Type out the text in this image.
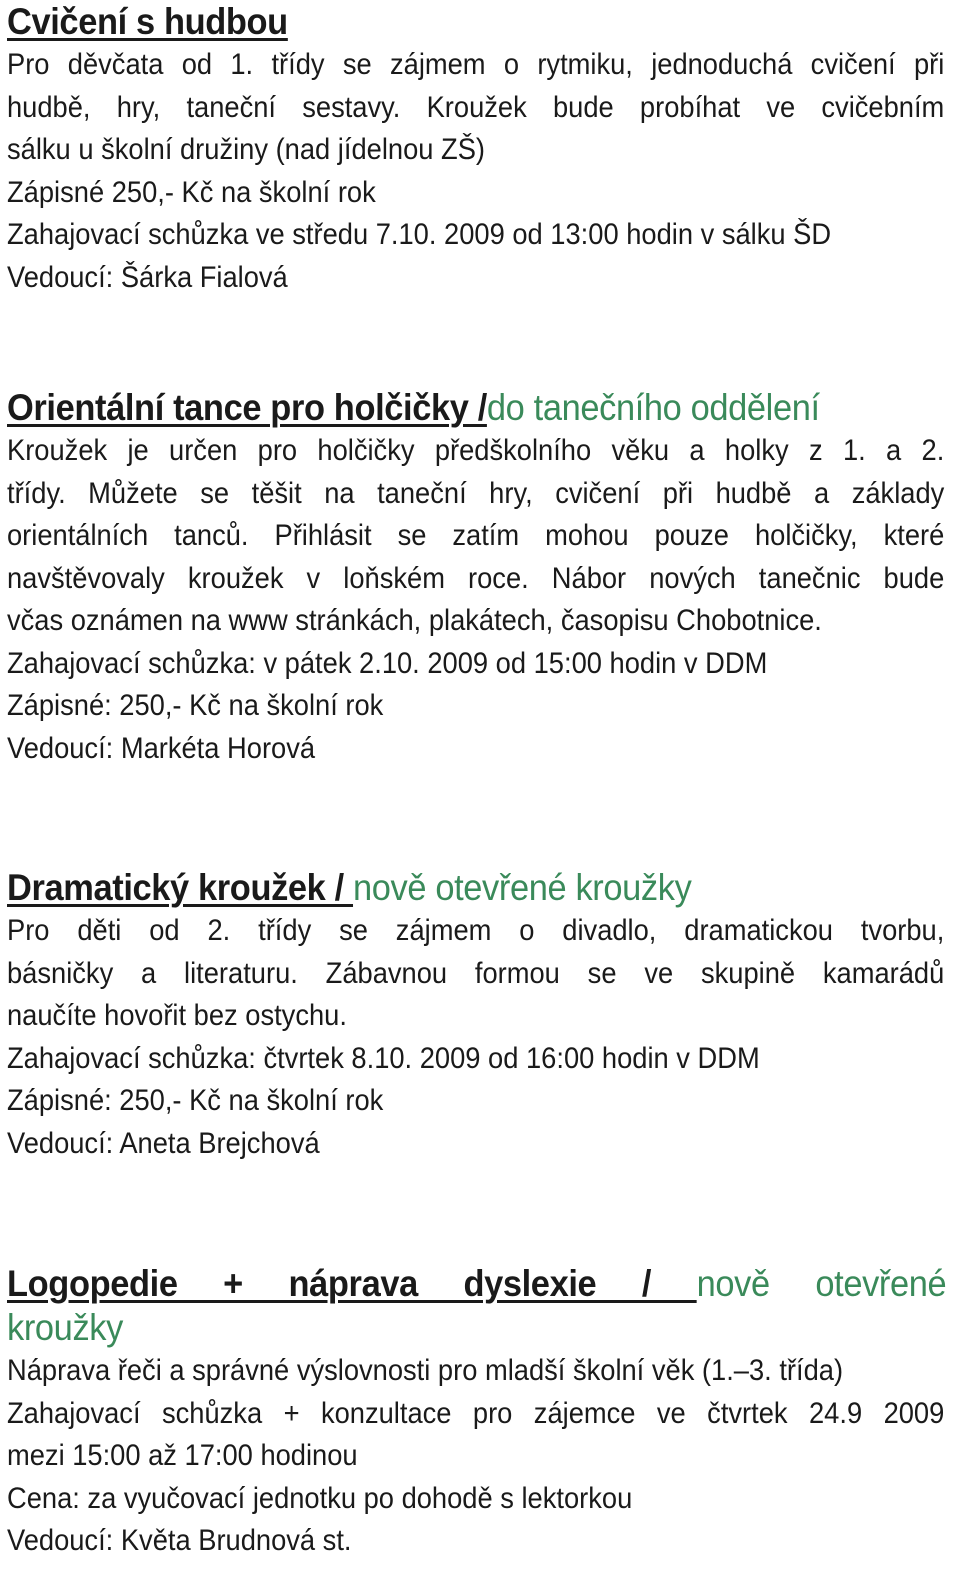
Cvičení s hudbou
Pro děvčata od 1. třídy se zájmem o rytmiku, jednoduchá cvičení při
hudbě, hry, taneční sestavy. Kroužek bude probíhat ve cvičebním
sálku u školní družiny (nad jídelnou ZŠ)
Zápisné 250,- Kč na školní rok
Zahajovací schůzka ve středu 7.10. 2009 od 13:00 hodin v sálku ŠD
Vedoucí: Šárka Fialová
Orientální tance pro holčičky /do tanečního oddělení
Kroužek je určen pro holčičky předškolního věku a holky z 1. a 2.
třídy. Můžete se těšit na taneční hry, cvičení při hudbě a základy
orientálních tanců. Přihlásit se zatím mohou pouze holčičky, které
navštěvovaly kroužek v loňském roce. Nábor nových tanečnic bude
včas oznámen na www stránkách, plakátech, časopisu Chobotnice.
Zahajovací schůzka: v pátek 2.10. 2009 od 15:00 hodin v DDM
Zápisné: 250,- Kč na školní rok
Vedoucí: Markéta Horová
Dramatický kroužek / nově otevřené kroužky
Pro děti od 2. třídy se zájmem o divadlo, dramatickou tvorbu,
básničky a literaturu. Zábavnou formou se ve skupině kamarádů
naučíte hovořit bez ostychu.
Zahajovací schůzka: čtvrtek 8.10. 2009 od 16:00 hodin v DDM
Zápisné: 250,- Kč na školní rok
Vedoucí: Aneta Brejchová
Logopedie + náprava dyslexie / nově otevřené
kroužky
Náprava řeči a správné výslovnosti pro mladší školní věk (1.–3. třída)
Zahajovací schůzka + konzultace pro zájemce ve čtvrtek 24.9 2009
mezi 15:00 až 17:00 hodinou
Cena: za vyučovací jednotku po dohodě s lektorkou
Vedoucí: Květa Brudnová st.
